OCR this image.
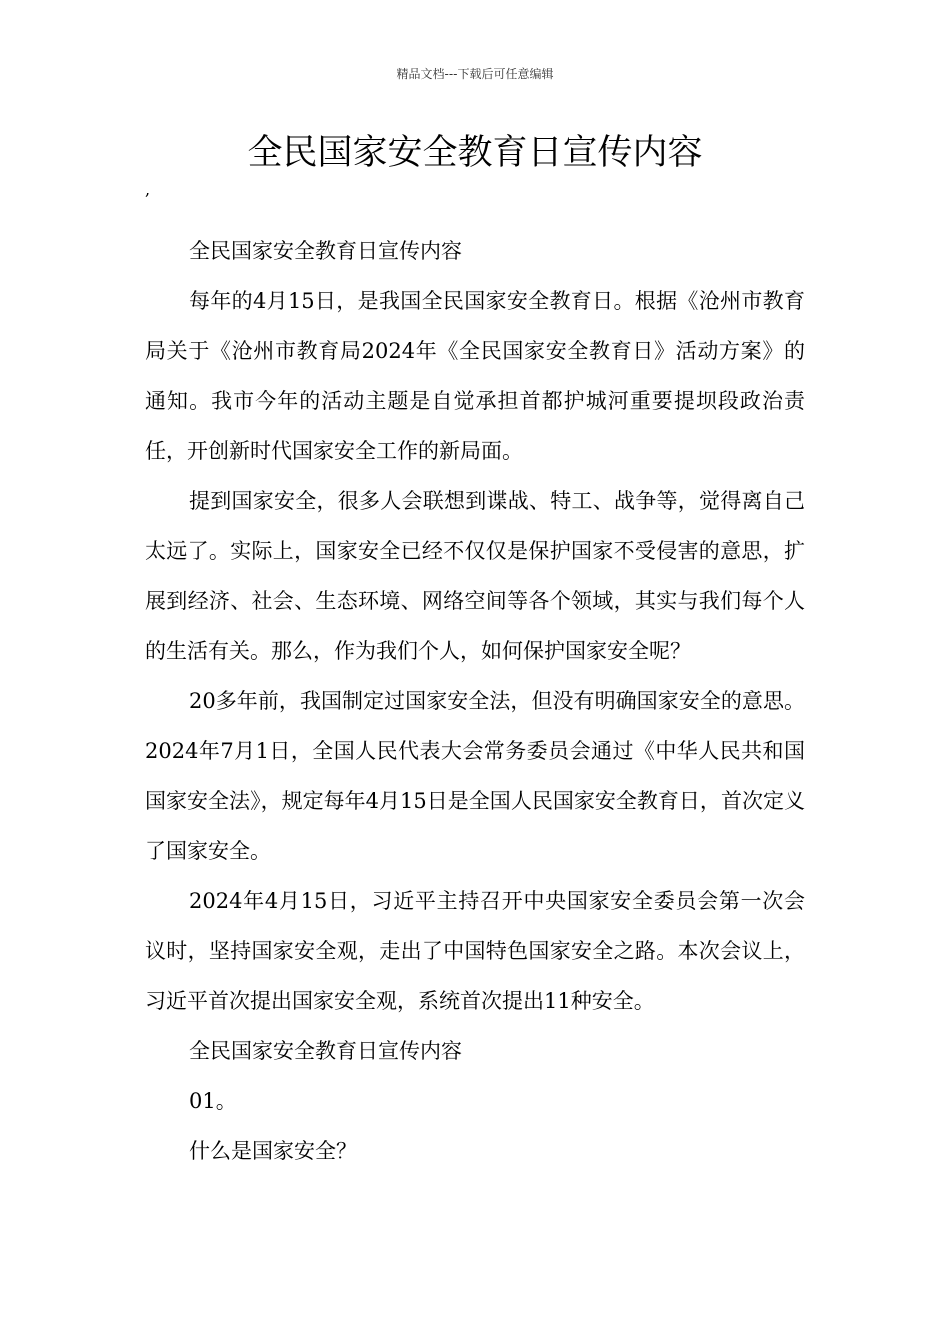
精品文档---下载后可任意编辑
全民国家安全教育日宣传内容
,

全民国家安全教育日宣传内容

每年的4月15日，是我国全民国家安全教育日。根据《沧州市教育局关于《沧州市教育局2024年《全民国家安全教育日》活动方案》的通知。我市今年的活动主题是自觉承担首都护城河重要提坝段政治责任，开创新时代国家安全工作的新局面。

提到国家安全，很多人会联想到谍战、特工、战争等，觉得离自己太远了。实际上，国家安全已经不仅仅是保护国家不受侵害的意思，扩展到经济、社会、生态环境、网络空间等各个领域，其实与我们每个人的生活有关。那么，作为我们个人，如何保护国家安全呢？

20多年前，我国制定过国家安全法，但没有明确国家安全的意思。2024年7月1日，全国人民代表大会常务委员会通过《中华人民共和国国家安全法》，规定每年4月15日是全国人民国家安全教育日，首次定义了国家安全。

2024年4月15日，习近平主持召开中央国家安全委员会第一次会议时，坚持国家安全观，走出了中国特色国家安全之路。本次会议上，习近平首次提出国家安全观，系统首次提出11种安全。

全民国家安全教育日宣传内容

01。

什么是国家安全？
